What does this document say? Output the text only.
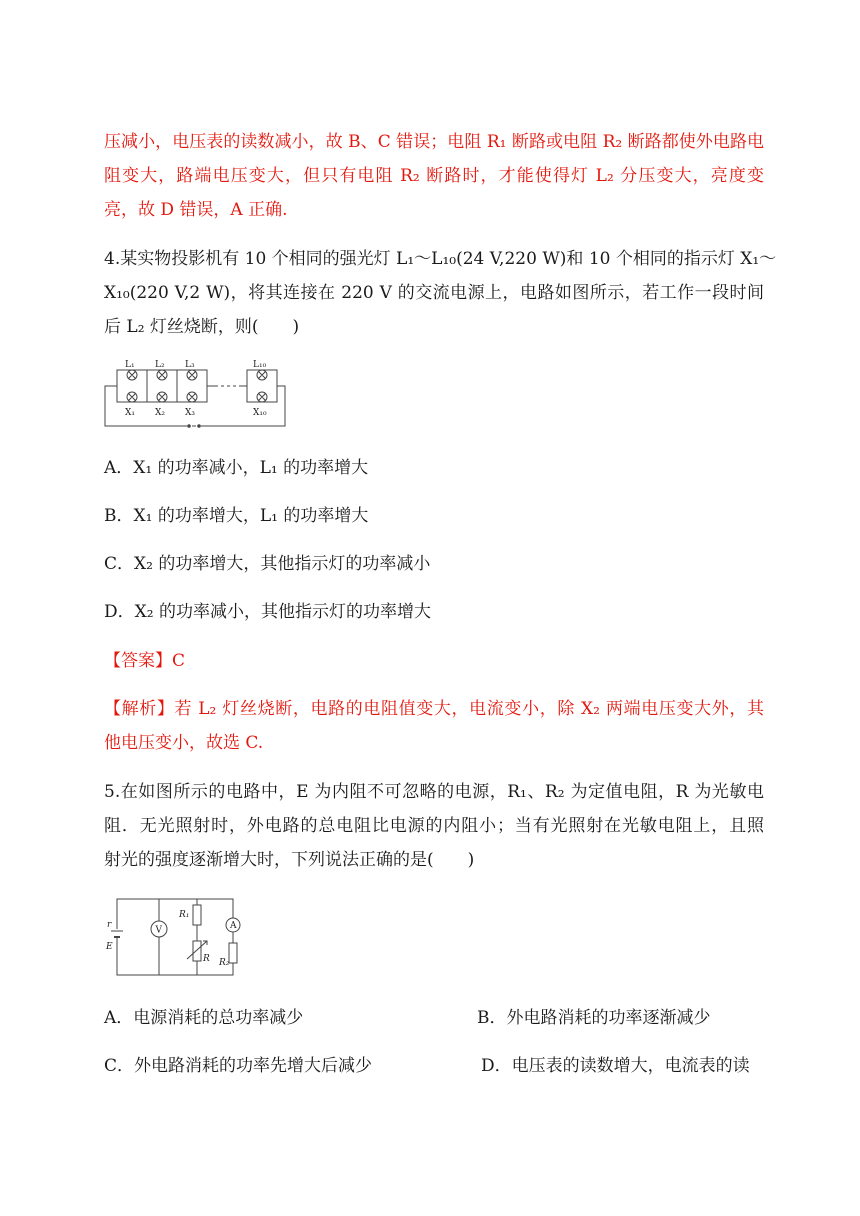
压减小，电压表的读数减小，故 B、C 错误；电阻 R₁ 断路或电阻 R₂ 断路都使外电路电
阻变大，路端电压变大，但只有电阻 R₂ 断路时，才能使得灯 L₂ 分压变大，亮度变
亮，故 D 错误，A 正确.
4.某实物投影机有 10 个相同的强光灯 L₁～L₁₀(24 V,220 W)和 10 个相同的指示灯 X₁～
X₁₀(220 V,2 W)，将其连接在 220 V 的交流电源上，电路如图所示，若工作一段时间
后 L₂ 灯丝烧断，则(　　)
L₁ L₂ L₃	L₁₀
X₁ X₂ X₃	X₁₀
A．X₁ 的功率减小，L₁ 的功率增大
B．X₁ 的功率增大，L₁ 的功率增大
C．X₂ 的功率增大，其他指示灯的功率减小
D．X₂ 的功率减小，其他指示灯的功率增大
【答案】C
【解析】若 L₂ 灯丝烧断，电路的电阻值变大，电流变小，除 X₂ 两端电压变大外，其
他电压变小，故选 C.
5.在如图所示的电路中，E 为内阻不可忽略的电源，R₁、R₂ 为定值电阻，R 为光敏电
阻．无光照射时，外电路的总电阻比电源的内阻小；当有光照射在光敏电阻上，且照
射光的强度逐渐增大时，下列说法正确的是(　　)
r
E
V	A
R₁
R R₂
A．电源消耗的总功率减少	B．外电路消耗的功率逐渐减少
C．外电路消耗的功率先增大后减少	D．电压表的读数增大，电流表的读
